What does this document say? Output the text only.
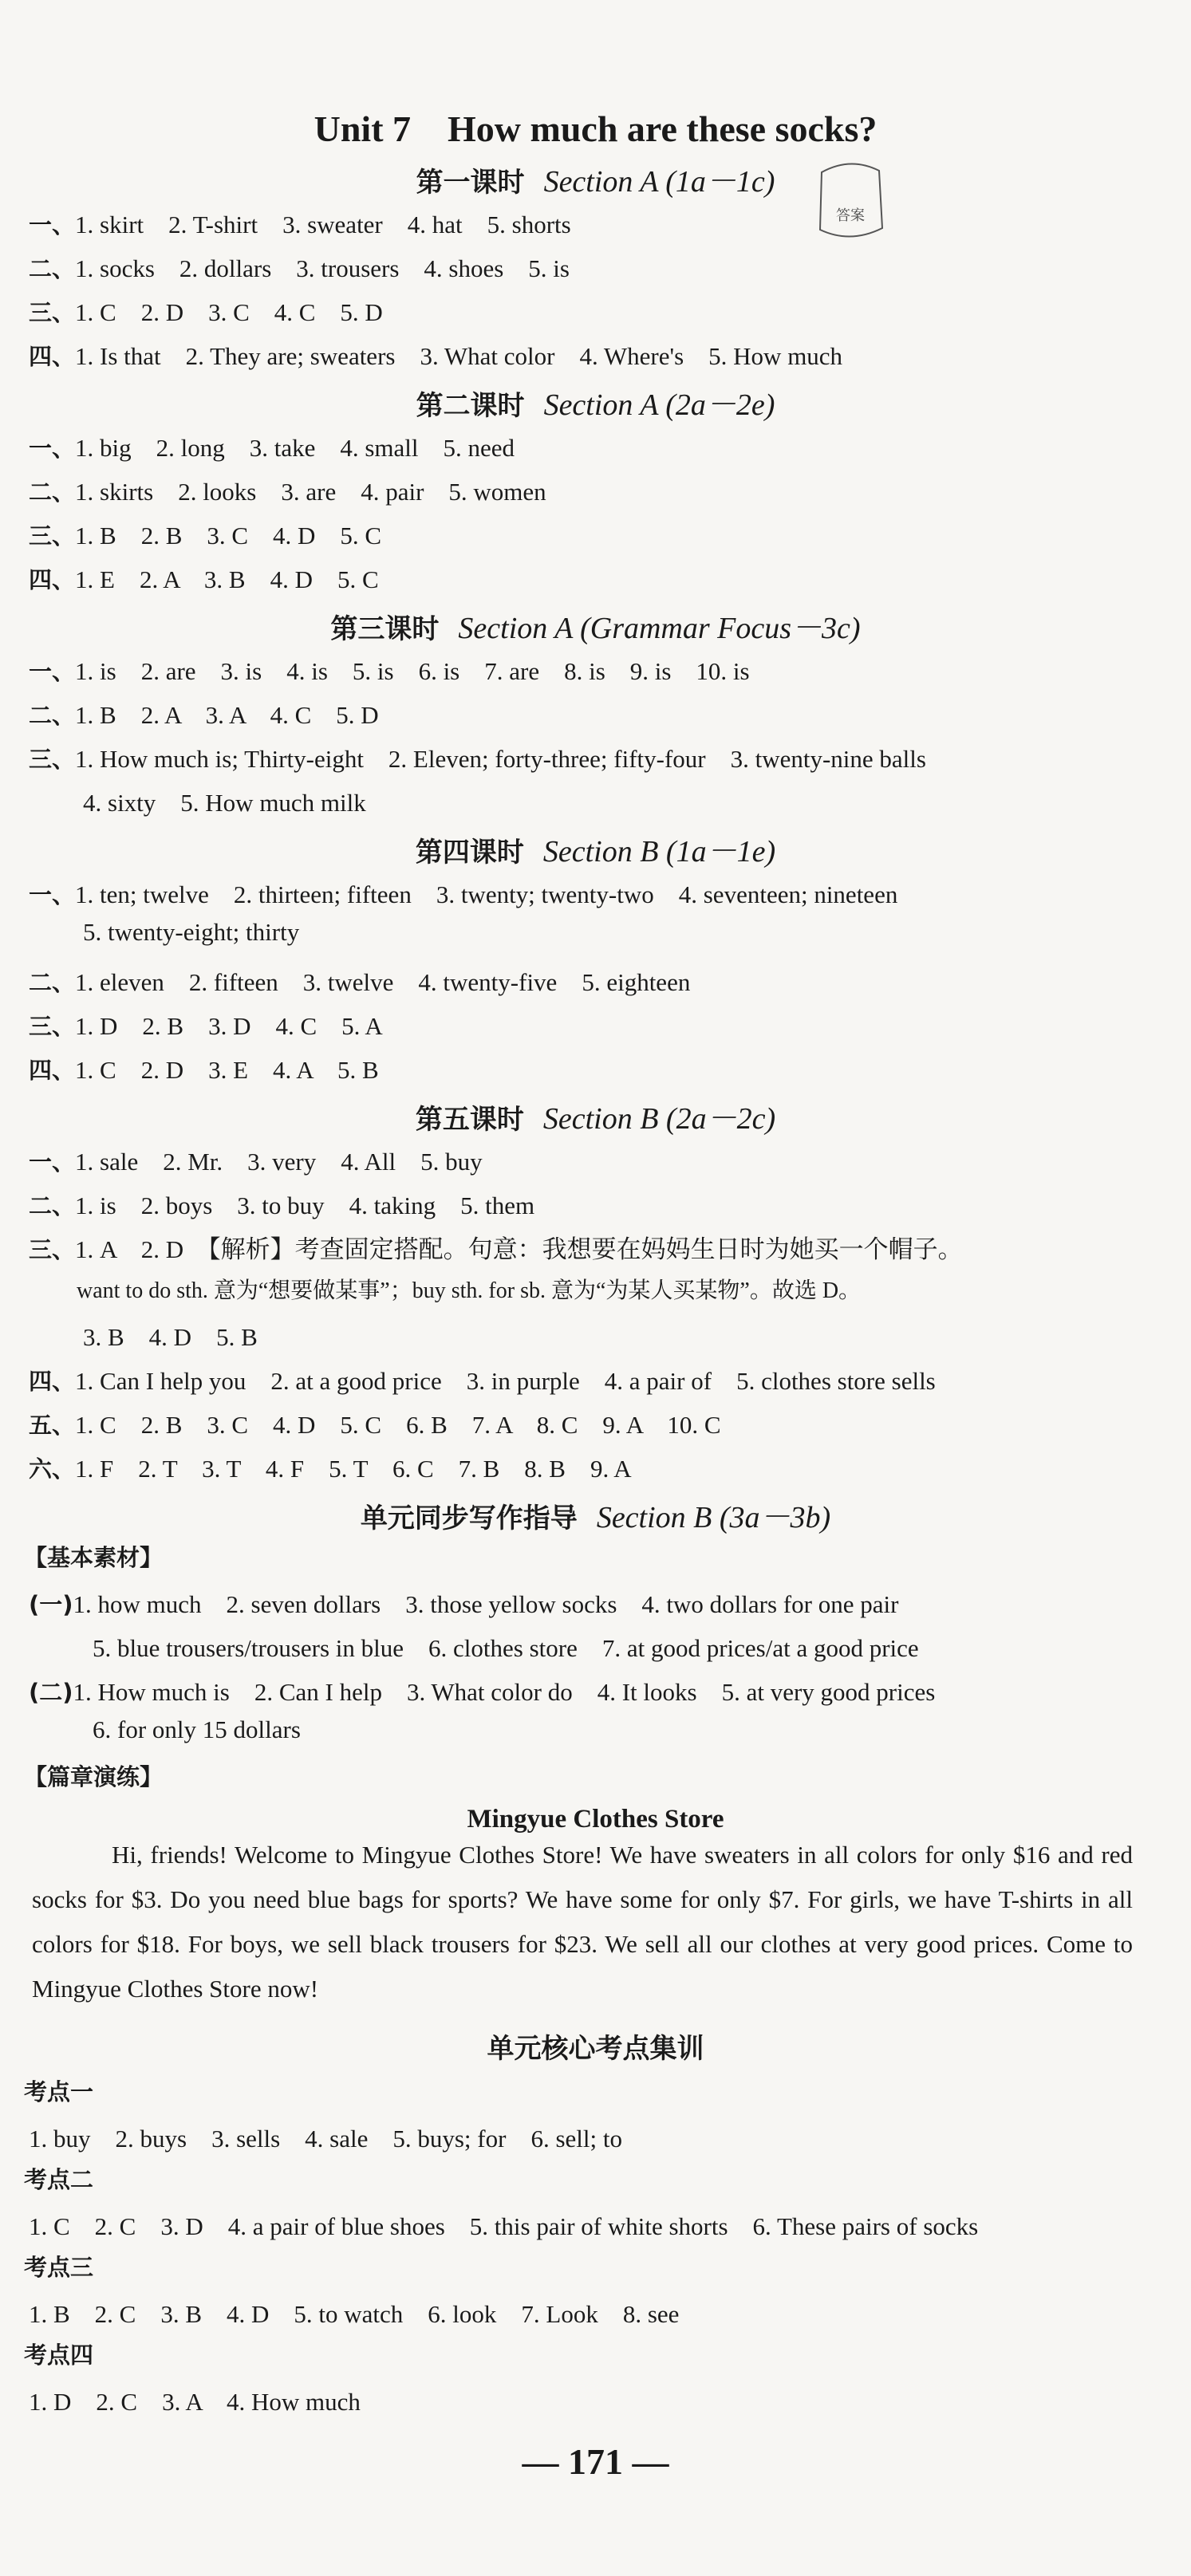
Unit 7　How much are these socks?
答案
第一课时 Section A (1a－1c)
一、1. skirt　2. T-shirt　3. sweater　4. hat　5. shorts
二、1. socks　2. dollars　3. trousers　4. shoes　5. is
三、1. C　2. D　3. C　4. C　5. D
四、1. Is that　2. They are; sweaters　3. What color　4. Where's　5. How much
第二课时 Section A (2a－2e)
一、1. big　2. long　3. take　4. small　5. need
二、1. skirts　2. looks　3. are　4. pair　5. women
三、1. B　2. B　3. C　4. D　5. C
四、1. E　2. A　3. B　4. D　5. C
第三课时 Section A (Grammar Focus－3c)
一、1. is　2. are　3. is　4. is　5. is　6. is　7. are　8. is　9. is　10. is
二、1. B　2. A　3. A　4. C　5. D
三、1. How much is; Thirty-eight　2. Eleven; forty-three; fifty-four　3. twenty-nine balls
4. sixty　5. How much milk
第四课时 Section B (1a－1e)
一、1. ten; twelve　2. thirteen; fifteen　3. twenty; twenty-two　4. seventeen; nineteen
5. twenty-eight; thirty
二、1. eleven　2. fifteen　3. twelve　4. twenty-five　5. eighteen
三、1. D　2. B　3. D　4. C　5. A
四、1. C　2. D　3. E　4. A　5. B
第五课时 Section B (2a－2c)
一、1. sale　2. Mr.　3. very　4. All　5. buy
二、1. is　2. boys　3. to buy　4. taking　5. them
三、1. A　2. D　【解析】考查固定搭配。句意：我想要在妈妈生日时为她买一个帽子。
want to do sth. 意为“想要做某事”；buy sth. for sb. 意为“为某人买某物”。故选 D。
3. B　4. D　5. B
四、1. Can I help you　2. at a good price　3. in purple　4. a pair of　5. clothes store sells
五、1. C　2. B　3. C　4. D　5. C　6. B　7. A　8. C　9. A　10. C
六、1. F　2. T　3. T　4. F　5. T　6. C　7. B　8. B　9. A
单元同步写作指导 Section B (3a－3b)
【基本素材】
(一)1. how much　2. seven dollars　3. those yellow socks　4. two dollars for one pair
5. blue trousers/trousers in blue　6. clothes store　7. at good prices/at a good price
(二)1. How much is　2. Can I help　3. What color do　4. It looks　5. at very good prices
6. for only 15 dollars
【篇章演练】
Mingyue Clothes Store

Hi, friends! Welcome to Mingyue Clothes Store! We have sweaters in all colors for only $16 and red socks for $3. Do you need blue bags for sports? We have some for only $7. For girls, we have T-shirts in all colors for $18. For boys, we sell black trousers for $23. We sell all our clothes at very good prices. Come to Mingyue Clothes Store now!

单元核心考点集训
考点一
1. buy　2. buys　3. sells　4. sale　5. buys; for　6. sell; to
考点二
1. C　2. C　3. D　4. a pair of blue shoes　5. this pair of white shorts　6. These pairs of socks
考点三
1. B　2. C　3. B　4. D　5. to watch　6. look　7. Look　8. see
考点四
1. D　2. C　3. A　4. How much
— 171 —
